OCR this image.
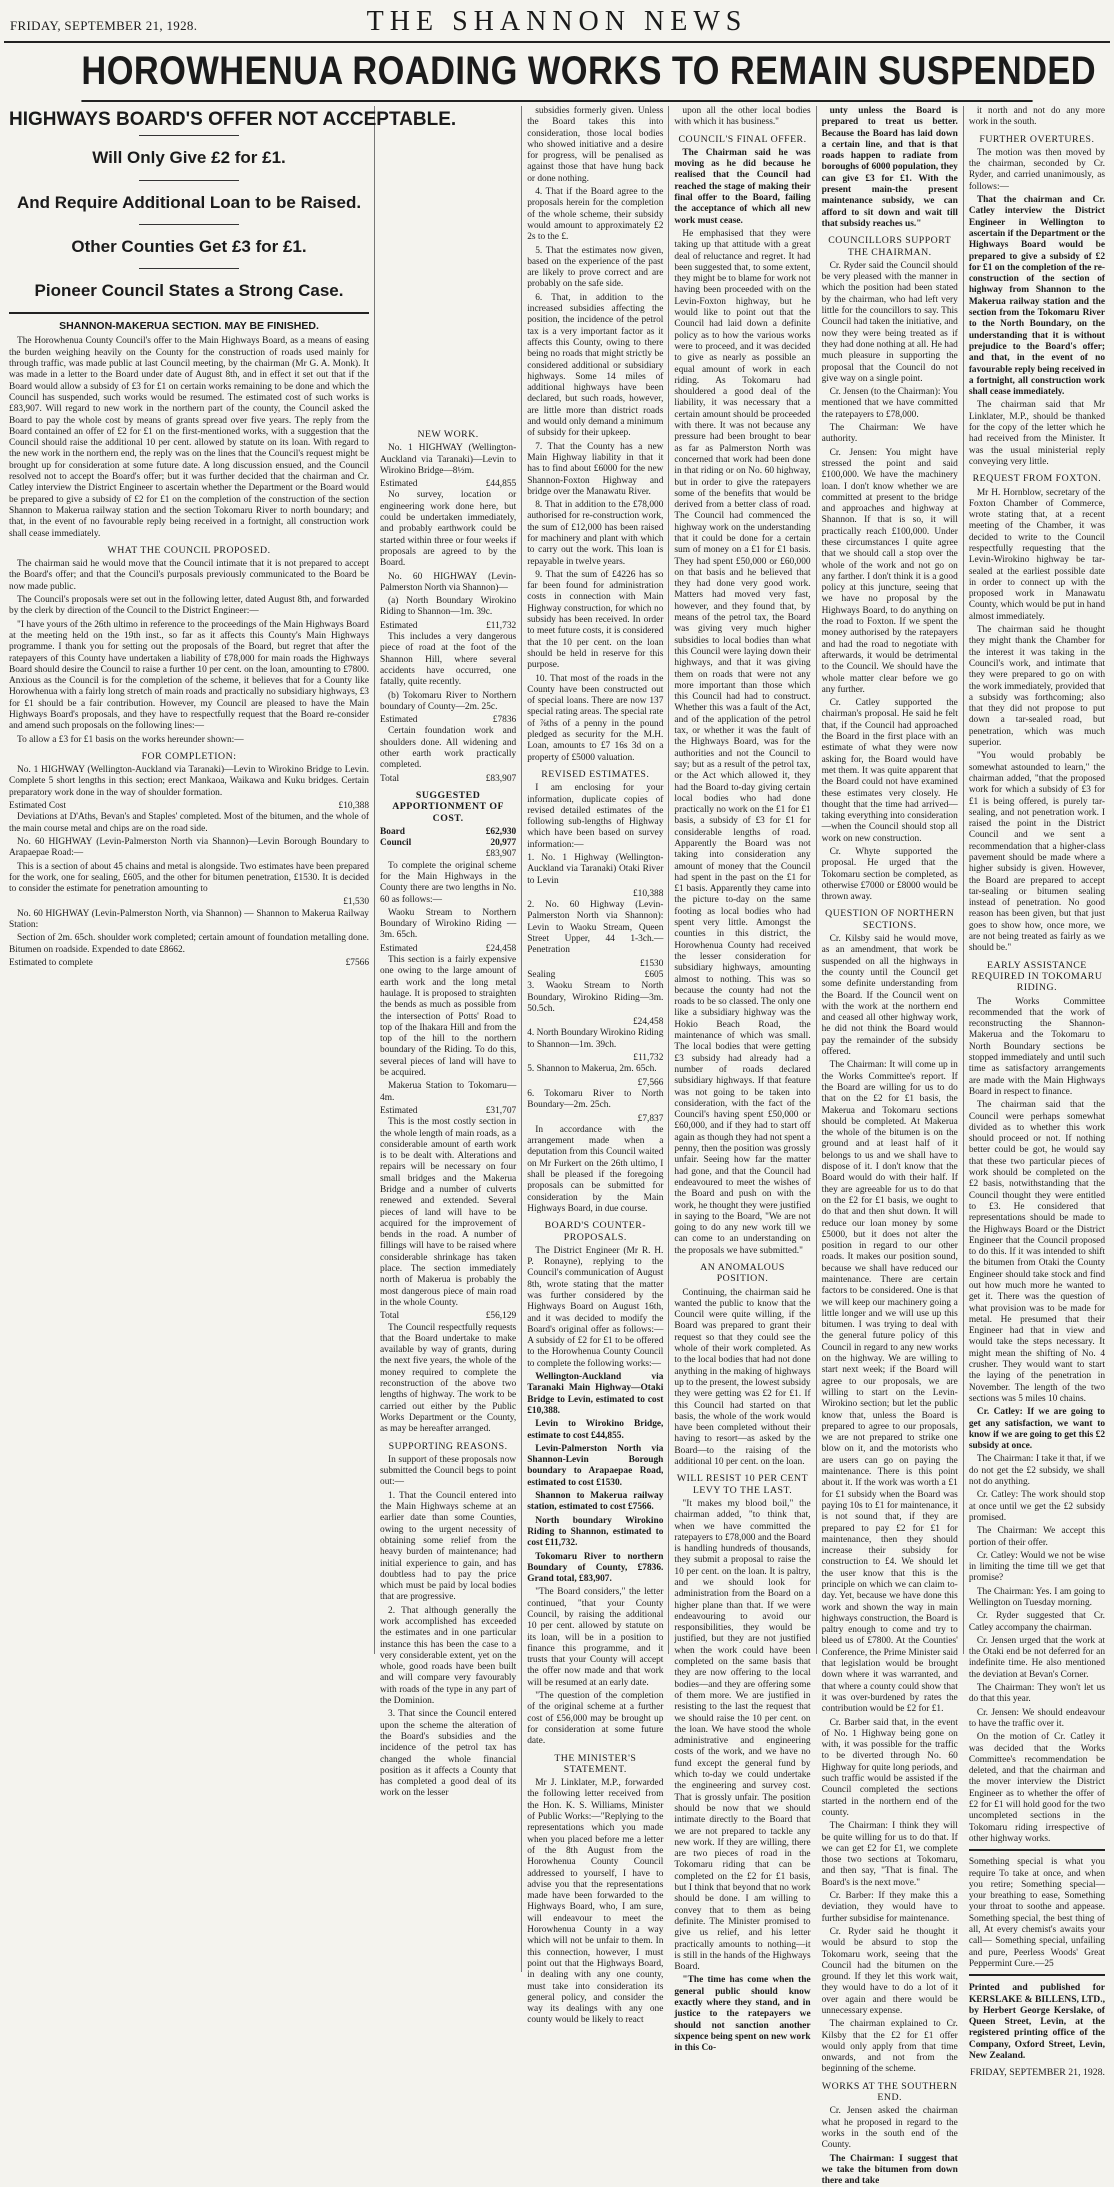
FRIDAY, SEPTEMBER 21, 1928.	THE SHANNON NEWS
HOROWHENUA ROADING WORKS TO REMAIN SUSPENDED
HIGHWAYS BOARD'S OFFER NOT ACCEPTABLE.
Will Only Give £2 for £1.
And Require Additional Loan to be Raised.
Other Counties Get £3 for £1.
Pioneer Council States a Strong Case.
SHANNON-MAKERUA SECTION. MAY BE FINISHED.

The Horowhenua County Council's offer to the Main Highways Board, as a means of easing the burden weighing heavily on the County for the construction of roads used mainly for through traffic, was made public at last Council meeting, by the chairman (Mr G. A. Monk). It was made in a letter to the Board under date of August 8th, and in effect it set out that if the Board would allow a subsidy of £3 for £1 on certain works remaining to be done and which the Council has suspended, such works would be resumed. The estimated cost of such works is £83,907. Will regard to new work in the northern part of the county, the Council asked the Board to pay the whole cost by means of grants spread over five years. The reply from the Board contained an offer of £2 for £1 on the first-mentioned works, with a suggestion that the Council should raise the additional 10 per cent. allowed by statute on its loan. With regard to the new work in the northern end, the reply was on the lines that the Council's request might be brought up for consideration at some future date. A long discussion ensued, and the Council resolved not to accept the Board's offer; but it was further decided that the chairman and Cr. Catley interview the District Engineer to ascertain whether the Department or the Board would be prepared to give a subsidy of £2 for £1 on the completion of the construction of the section Shannon to Makerua railway station and the section Tokomaru River to north boundary; and that, in the event of no favourable reply being received in a fortnight, all construction work shall cease immediately.

WHAT THE COUNCIL PROPOSED.

The chairman said he would move that the Council intimate that it is not prepared to accept the Board's offer; and that the Council's purposals previously communicated to the Board be now made public.

The Council's proposals were set out in the following letter, dated August 8th, and forwarded by the clerk by direction of the Council to the District Engineer:—

"I have yours of the 26th ultimo in reference to the proceedings of the Main Highways Board at the meeting held on the 19th inst., so far as it affects this County's Main Highways programme. I thank you for setting out the proposals of the Board, but regret that after the ratepayers of this County have undertaken a liability of £78,000 for main roads the Highways Board should desire the Council to raise a further 10 per cent. on the loan, amounting to £7800. Anxious as the Council is for the completion of the scheme, it believes that for a County like Horowhenua with a fairly long stretch of main roads and practically no subsidiary highways, £3 for £1 should be a fair contribution. However, my Council are pleased to have the Main Highways Board's proposals, and they have to respectfully request that the Board re-consider and amend such proposals on the following lines:—

To allow a £3 for £1 basis on the works hereunder shown:—

FOR COMPLETION:

No. 1 HIGHWAY (Wellington-Auckland via Taranaki)—Levin to Wirokino Bridge to Levin. Complete 5 short lengths in this section; erect Mankaoa, Waikawa and Kuku bridges. Certain preparatory work done in the way of shoulder formation.

Estimated Cost	£10,388

Deviations at D'Aths, Bevan's and Staples' completed. Most of the bitumen, and the whole of the main course metal and chips are on the road side.

No. 60 HIGHWAY (Levin-Palmerston North via Shannon)—Levin Borough Boundary to Arapaepae Road:—

This is a section of about 45 chains and metal is alongside. Two estimates have been prepared for the work, one for sealing, £605, and the other for bitumen penetration, £1530. It is decided to consider the estimate for penetration amounting to

£1,530

No. 60 HIGHWAY (Levin-Palmerston North, via Shannon) — Shannon to Makerua Railway Station:

Section of 2m. 65ch. shoulder work completed; certain amount of foundation metalling done. Bitumen on roadside. Expended to date £8662.

Estimated to complete	£7566
NEW WORK.

No. 1 HIGHWAY (Wellington-Auckland via Taranaki)—Levin to Wirokino Bridge—8½m.

Estimated	£44,855

No survey, location or engineering work done here, but could be undertaken immediately, and probably earthwork could be started within three or four weeks if proposals are agreed to by the Board.

No. 60 HIGHWAY (Levin-Palmerston North via Shannon)—

(a) North Boundary Wirokino Riding to Shannon—1m. 39c.

Estimated	£11,732

This includes a very dangerous piece of road at the foot of the Shannon Hill, where several accidents have occurred, one fatally, quite recently.

(b) Tokomaru River to Northern boundary of County—2m. 25c.

Estimated	£7836

Certain foundation work and shoulders done. All widening and other earth work practically completed.

Total	£83,907
SUGGESTED APPORTIONMENT OF COST.
Board	£62,930
Council	20,977
£83,907

To complete the original scheme for the Main Highways in the County there are two lengths in No. 60 as follows:—

Waoku Stream to Northern Boundary of Wirokino Riding —3m. 65ch.

Estimated	£24,458

This section is a fairly expensive one owing to the large amount of earth work and the long metal haulage. It is proposed to straighten the bends as much as possible from the intersection of Potts' Road to top of the Ihakara Hill and from the top of the hill to the northern boundary of the Riding. To do this, several pieces of land will have to be acquired.

Makerua Station to Tokomaru—4m.

Estimated	£31,707

This is the most costly section in the whole length of main roads, as a considerable amount of earth work is to be dealt with. Alterations and repairs will be necessary on four small bridges and the Makerua Bridge and a number of culverts renewed and extended. Several pieces of land will have to be acquired for the improvement of bends in the road. A number of fillings will have to be raised where considerable shrinkage has taken place. The section immediately north of Makerua is probably the most dangerous piece of main road in the whole County.

Total	£56,129

The Council respectfully requests that the Board undertake to make available by way of grants, during the next five years, the whole of the money required to complete the reconstruction of the above two lengths of highway. The work to be carried out either by the Public Works Department or the County, as may be hereafter arranged.

SUPPORTING REASONS.

In support of these proposals now submitted the Council begs to point out:—

1. That the Council entered into the Main Highways scheme at an earlier date than some Counties, owing to the urgent necessity of obtaining some relief from the heavy burden of maintenance; had initial experience to gain, and has doubtless had to pay the price which must be paid by local bodies that are progressive.

2. That although generally the work accomplished has exceeded the estimates and in one particular instance this has been the case to a very considerable extent, yet on the whole, good roads have been built and will compare very favourably with roads of the type in any part of the Dominion.

3. That since the Council entered upon the scheme the alteration of the Board's subsidies and the incidence of the petrol tax has changed the whole financial position as it affects a County that has completed a good deal of its work on the lesser

subsidies formerly given. Unless the Board takes this into consideration, those local bodies who showed initiative and a desire for progress, will be penalised as against those that have hung back or done nothing.

4. That if the Board agree to the proposals herein for the completion of the whole scheme, their subsidy would amount to approximately £2 2s to the £.

5. That the estimates now given, based on the experience of the past are likely to prove correct and are probably on the safe side.

6. That, in addition to the increased subsidies affecting the position, the incidence of the petrol tax is a very important factor as it affects this County, owing to there being no roads that might strictly be considered additional or subsidiary highways. Some 14 miles of additional highways have been declared, but such roads, however, are little more than district roads and would only demand a minimum of subsidy for their upkeep.

7. That the County has a new Main Highway liability in that it has to find about £6000 for the new Shannon-Foxton Highway and bridge over the Manawatu River.

8. That in addition to the £78,000 authorised for re-construction work, the sum of £12,000 has been raised for machinery and plant with which to carry out the work. This loan is repayable in twelve years.

9. That the sum of £4226 has so far been found for administration costs in connection with Main Highway construction, for which no subsidy has been received. In order to meet future costs, it is considered that the 10 per cent. on the loan should be held in reserve for this purpose.

10. That most of the roads in the County have been constructed out of special loans. There are now 137 special rating areas. The special rate of ⅞ths of a penny in the pound pledged as security for the M.H. Loan, amounts to £7 16s 3d on a property of £5000 valuation.

REVISED ESTIMATES.

I am enclosing for your information, duplicate copies of revised detailed estimates of the following sub-lengths of Highway which have been based on survey information:—

1. No. 1 Highway (Wellington-Auckland via Taranaki) Otaki River to Levin

£10,388

2. No. 60 Highway (Levin-Palmerston North via Shannon): Levin to Waoku Stream, Queen Street Upper, 44 1-3ch.—Penetration

£1530
Sealing	£605

3. Waoku Stream to North Boundary, Wirokino Riding—3m. 50.5ch.

£24,458

4. North Boundary Wirokino Riding to Shannon—1m. 39ch.

£11,732

5. Shannon to Makerua, 2m. 65ch.

£7,566

6. Tokomaru River to North Boundary—2m. 25ch.

£7,837

In accordance with the arrangement made when a deputation from this Council waited on Mr Furkert on the 26th ultimo, I shall be pleased if the foregoing proposals can be submitted for consideration by the Main Highways Board, in due course.

BOARD'S COUNTER-PROPOSALS.

The District Engineer (Mr R. H. P. Ronayne), replying to the Council's communication of August 8th, wrote stating that the matter was further considered by the Highways Board on August 16th, and it was decided to modify the Board's original offer as follows:—A subsidy of £2 for £1 to be offered to the Horowhenua County Council to complete the following works:—

Wellington-Auckland via Taranaki Main Highway—Otaki Bridge to Levin, estimated to cost £10,388.

Levin to Wirokino Bridge, estimate to cost £44,855.

Levin-Palmerston North via Shannon-Levin Borough boundary to Arapaepae Road, estimated to cost £1530.

Shannon to Makerua railway station, estimated to cost £7566.

North boundary Wirokino Riding to Shannon, estimated to cost £11,732.

Tokomaru River to northern Boundary of County, £7836. Grand total, £83,907.

"The Board considers," the letter continued, "that your County Council, by raising the additional 10 per cent. allowed by statute on its loan, will be in a position to finance this programme, and it trusts that your County will accept the offer now made and that work will be resumed at an early date.

"The question of the completion of the original scheme at a further cost of £56,000 may be brought up for consideration at some future date.

THE MINISTER'S STATEMENT.

Mr J. Linklater, M.P., forwarded the following letter received from the Hon. K. S. Williams, Minister of Public Works:—"Replying to the representations which you made when you placed before me a letter of the 8th August from the Horowhenua County Council addressed to yourself, I have to advise you that the representations made have been forwarded to the Highways Board, who, I am sure, will endeavour to meet the Horowhenua County in a way which will not be unfair to them. In this connection, however, I must point out that the Highways Board, in dealing with any one county, must take into consideration its general policy, and consider the way its dealings with any one county would be likely to react

upon all the other local bodies with which it has business."

COUNCIL'S FINAL OFFER.

The Chairman said he was moving as he did because he realised that the Council had reached the stage of making their final offer to the Board, failing the acceptance of which all new work must cease.

He emphasised that they were taking up that attitude with a great deal of reluctance and regret. It had been suggested that, to some extent, they might be to blame for work not having been proceeded with on the Levin-Foxton highway, but he would like to point out that the Council had laid down a definite policy as to how the various works were to proceed, and it was decided to give as nearly as possible an equal amount of work in each riding. As Tokomaru had shouldered a good deal of the liability, it was necessary that a certain amount should be proceeded with there. It was not because any pressure had been brought to bear as far as Palmerston North was concerned that work had been done in that riding or on No. 60 highway, but in order to give the ratepayers some of the benefits that would be derived from a better class of road. The Council had commenced the highway work on the understanding that it could be done for a certain sum of money on a £1 for £1 basis. They had spent £50,000 or £60,000 on that basis and he believed that they had done very good work. Matters had moved very fast, however, and they found that, by means of the petrol tax, the Board was giving very much higher subsidies to local bodies than what this Council were laying down their highways, and that it was giving them on roads that were not any more important than those which this Council had had to construct. Whether this was a fault of the Act, and of the application of the petrol tax, or whether it was the fault of the Highways Board, was for the authorities and not the Council to say; but as a result of the petrol tax, or the Act which allowed it, they had the Board to-day giving certain local bodies who had done practically no work on the £1 for £1 basis, a subsidy of £3 for £1 for considerable lengths of road. Apparently the Board was not taking into consideration any amount of money that the Council had spent in the past on the £1 for £1 basis. Apparently they came into the picture to-day on the same footing as local bodies who had spent very little. Amongst the counties in this district, the Horowhenua County had received the lesser consideration for subsidiary highways, amounting almost to nothing. This was so because the county had not the roads to be so classed. The only one like a subsidiary highway was the Hokio Beach Road, the maintenance of which was small. The local bodies that were getting £3 subsidy had already had a number of roads declared subsidiary highways. If that feature was not going to be taken into consideration, with the fact of the Council's having spent £50,000 or £60,000, and if they had to start off again as though they had not spent a penny, then the position was grossly unfair. Seeing how far the matter had gone, and that the Council had endeavoured to meet the wishes of the Board and push on with the work, he thought they were justified in saying to the Board, "We are not going to do any new work till we can come to an understanding on the proposals we have submitted."

AN ANOMALOUS POSITION.

Continuing, the chairman said he wanted the public to know that the Council were quite willing, if the Board was prepared to grant their request so that they could see the whole of their work completed. As to the local bodies that had not done anything in the making of highways up to the present, the lowest subsidy they were getting was £2 for £1. If this Council had started on that basis, the whole of the work would have been completed without their having to resort—as asked by the Board—to the raising of the additional 10 per cent. on the loan.

WILL RESIST 10 PER CENT LEVY TO THE LAST.

"It makes my blood boil," the chairman added, "to think that, when we have committed the ratepayers to £78,000 and the Board is handling hundreds of thousands, they submit a proposal to raise the 10 per cent. on the loan. It is paltry, and we should look for administration from the Board on a higher plane than that. If we were endeavouring to avoid our responsibilities, they would be justified, but they are not justified when the work could have been completed on the same basis that they are now offering to the local bodies—and they are offering some of them more. We are justified in resisting to the last the request that we should raise the 10 per cent. on the loan. We have stood the whole administrative and engineering costs of the work, and we have no fund except the general fund by which to-day we could undertake the engineering and survey cost. That is grossly unfair. The position should be now that we should intimate directly to the Board that we are not prepared to tackle any new work. If they are willing, there are two pieces of road in the Tokomaru riding that can be completed on the £2 for £1 basis, but I think that beyond that no work should be done. I am willing to convey that to them as being definite. The Minister promised to give us relief, and his letter practically amounts to nothing—it is still in the hands of the Highways Board.

"The time has come when the general public should know exactly where they stand, and in justice to the ratepayers we should not sanction another sixpence being spent on new work in this Co-

unty unless the Board is prepared to treat us better. Because the Board has laid down a certain line, and that is that roads happen to radiate from boroughs of 6000 population, they can give £3 for £1. With the present main-the present maintenance subsidy, we can afford to sit down and wait till that subsidy reaches us."

COUNCILLORS SUPPORT THE CHAIRMAN.

Cr. Ryder said the Council should be very pleased with the manner in which the position had been stated by the chairman, who had left very little for the councillors to say. This Council had taken the initiative, and now they were being treated as if they had done nothing at all. He had much pleasure in supporting the proposal that the Council do not give way on a single point.

Cr. Jensen (to the Chairman): You mentioned that we have committed the ratepayers to £78,000.

The Chairman: We have authority.

Cr. Jensen: You might have stressed the point and said £100,000. We have the machinery loan. I don't know whether we are committed at present to the bridge and approaches and highway at Shannon. If that is so, it will practically reach £100,000. Under these circumstances I quite agree that we should call a stop over the whole of the work and not go on any farther. I don't think it is a good policy at this juncture, seeing that we have no proposal by the Highways Board, to do anything on the road to Foxton. If we spent the money authorised by the ratepayers and had the road to negotiate with afterwards, it would be detrimental to the Council. We should have the whole matter clear before we go any further.

Cr. Catley supported the chairman's proposal. He said he felt that, if the Council had approached the Board in the first place with an estimate of what they were now asking for, the Board would have met them. It was quite apparent that the Board could not have examined these estimates very closely. He thought that the time had arrived—taking everything into consideration—when the Council should stop all work on new construction.

Cr. Whyte supported the proposal. He urged that the Tokomaru section be completed, as otherwise £7000 or £8000 would be thrown away.

QUESTION OF NORTHERN SECTIONS.

Cr. Kilsby said he would move, as an amendment, that work be suspended on all the highways in the county until the Council get some definite understanding from the Board. If the Council went on with the work at the northern end and ceased all other highway work, he did not think the Board would pay the remainder of the subsidy offered.

The Chairman: It will come up in the Works Committee's report. If the Board are willing for us to do that on the £2 for £1 basis, the Makerua and Tokomaru sections should be completed. At Makerua the whole of the bitumen is on the ground and at least half of it belongs to us and we shall have to dispose of it. I don't know that the Board would do with their half. If they are agreeable for us to do that on the £2 for £1 basis, we ought to do that and then shut down. It will reduce our loan money by some £5000, but it does not alter the position in regard to our other roads. It makes our position sound, because we shall have reduced our maintenance. There are certain factors to be considered. One is that we will keep our machinery going a little longer and we will use up this bitumen. I was trying to deal with the general future policy of this Council in regard to any new works on the highway. We are willing to start next week; if the Board will agree to our proposals, we are willing to start on the Levin-Wirokino section; but let the public know that, unless the Board is prepared to agree to our proposals, we are not prepared to strike one blow on it, and the motorists who are users can go on paying the maintenance. There is this point about it. If the work was worth a £1 for £1 subsidy when the Board was paying 10s to £1 for maintenance, it is not sound that, if they are prepared to pay £2 for £1 for maintenance, then they should increase their subsidy for construction to £4. We should let the user know that this is the principle on which we can claim to-day. Yet, because we have done this work and shown the way in main highways construction, the Board is paltry enough to come and try to bleed us of £7800. At the Counties' Conference, the Prime Minister said that legislation would be brought down where it was warranted, and that where a county could show that it was over-burdened by rates the contribution would be £2 for £1.

Cr. Barber said that, in the event of No. 1 Highway being gone on with, it was possible for the traffic to be diverted through No. 60 Highway for quite long periods, and such traffic would be assisted if the Council completed the sections started in the northern end of the county.

The Chairman: I think they will be quite willing for us to do that. If we can get £2 for £1, we complete those two sections at Tokomaru, and then say, "That is final. The Board's is the next move."

Cr. Barber: If they make this a deviation, they would have to further subsidise for maintenance.

Cr. Ryder said he thought it would be absurd to stop the Tokomaru work, seeing that the Council had the bitumen on the ground. If they let this work wait, they would have to do a lot of it over again and there would be unnecessary expense.

The chairman explained to Cr. Kilsby that the £2 for £1 offer would only apply from that time onwards, and not from the beginning of the scheme.

WORKS AT THE SOUTHERN END.

Cr. Jensen asked the chairman what he proposed in regard to the works in the south end of the County.

The Chairman: I suggest that we take the bitumen from down there and take

it north and not do any more work in the south.

FURTHER OVERTURES.

The motion was then moved by the chairman, seconded by Cr. Ryder, and carried unanimously, as follows:—

That the chairman and Cr. Catley interview the District Engineer in Wellington to ascertain if the Department or the Highways Board would be prepared to give a subsidy of £2 for £1 on the completion of the re-construction of the section of highway from Shannon to the Makerua railway station and the section from the Tokomaru River to the North Boundary, on the understanding that it is without prejudice to the Board's offer; and that, in the event of no favourable reply being received in a fortnight, all construction work shall cease immediately.

The chairman said that Mr Linklater, M.P., should be thanked for the copy of the letter which he had received from the Minister. It was the usual ministerial reply conveying very little.

REQUEST FROM FOXTON.

Mr H. Hornblow, secretary of the Foxton Chamber of Commerce, wrote stating that, at a recent meeting of the Chamber, it was decided to write to the Council respectfully requesting that the Levin-Wirokino highway be tar-sealed at the earliest possible date in order to connect up with the proposed work in Manawatu County, which would be put in hand almost immediately.

The chairman said he thought they might thank the Chamber for the interest it was taking in the Council's work, and intimate that they were prepared to go on with the work immediately, provided that a subsidy was forthcoming; also that they did not propose to put down a tar-sealed road, but penetration, which was much superior.

"You would probably be somewhat astounded to learn," the chairman added, "that the proposed work for which a subsidy of £3 for £1 is being offered, is purely tar-sealing, and not penetration work. I raised the point in the District Council and we sent a recommendation that a higher-class pavement should be made where a higher subsidy is given. However, the Board are prepared to accept tar-sealing or bitumen sealing instead of penetration. No good reason has been given, but that just goes to show how, once more, we are not being treated as fairly as we should be."

EARLY ASSISTANCE REQUIRED IN TOKOMARU RIDING.

The Works Committee recommended that the work of reconstructing the Shannon-Makerua and the Tokomaru to North Boundary sections be stopped immediately and until such time as satisfactory arrangements are made with the Main Highways Board in respect to finance.

The chairman said that the Council were perhaps somewhat divided as to whether this work should proceed or not. If nothing better could be got, he would say that these two particular pieces of work should be completed on the £2 basis, notwithstanding that the Council thought they were entitled to £3. He considered that representations should be made to the Highways Board or the District Engineer that the Council proposed to do this. If it was intended to shift the bitumen from Otaki the County Engineer should take stock and find out how much more he wanted to get it. There was the question of what provision was to be made for metal. He presumed that their Engineer had that in view and would take the steps necessary. It might mean the shifting of No. 4 crusher. They would want to start the laying of the penetration in November. The length of the two sections was 5 miles 10 chains.

Cr. Catley: If we are going to get any satisfaction, we want to know if we are going to get this £2 subsidy at once.

The Chairman: I take it that, if we do not get the £2 subsidy, we shall not do anything.

Cr. Catley: The work should stop at once until we get the £2 subsidy promised.

The Chairman: We accept this portion of their offer.

Cr. Catley: Would we not be wise in limiting the time till we get that promise?

The Chairman: Yes. I am going to Wellington on Tuesday morning.

Cr. Ryder suggested that Cr. Catley accompany the chairman.

Cr. Jensen urged that the work at the Otaki end be not deferred for an indefinite time. He also mentioned the deviation at Bevan's Corner.

The Chairman: They won't let us do that this year.

Cr. Jensen: We should endeavour to have the traffic over it.

On the motion of Cr. Catley it was decided that the Works Committee's recommendation be deleted, and that the chairman and the mover interview the District Engineer as to whether the offer of £2 for £1 will hold good for the two uncompleted sections in the Tokomaru riding irrespective of other highway works.

Something special is what you require To take at once, and when you retire; Something special—your breathing to ease, Something your throat to soothe and appease. Something special, the best thing of all, At every chemist's awaits your call— Something special, unfailing and pure, Peerless Woods' Great Peppermint Cure.—25

Printed and published for KERSLAKE & BILLENS, LTD., by Herbert George Kerslake, of Queen Street, Levin, at the registered printing office of the Company, Oxford Street, Levin, New Zealand.

FRIDAY, SEPTEMBER 21, 1928.
